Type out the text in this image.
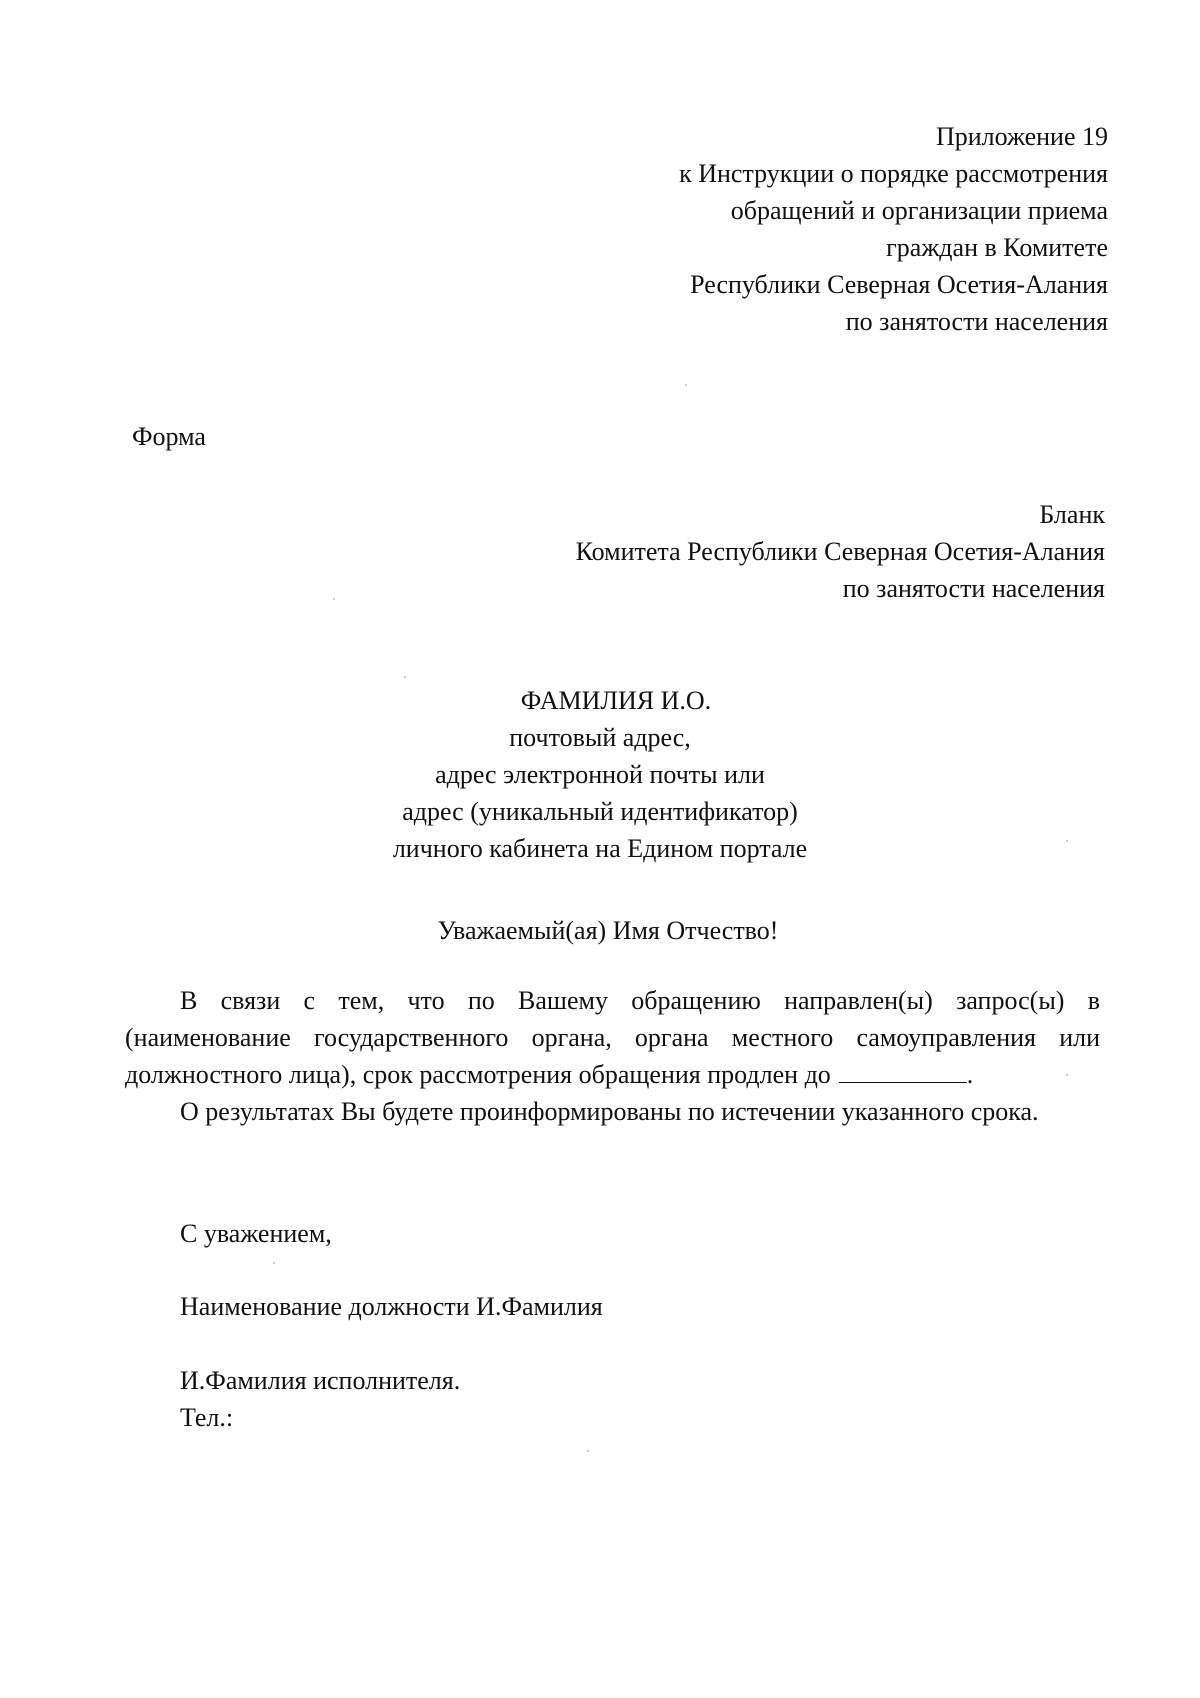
Приложение 19
к Инструкции о порядке рассмотрения
обращений и организации приема
граждан в Комитете
Республики Северная Осетия-Алания
по занятости населения
Форма
Бланк
Комитета Республики Северная Осетия-Алания
по занятости населения
ФАМИЛИЯ И.О.
почтовый адрес,
адрес электронной почты или
адрес (уникальный идентификатор)
личного кабинета на Едином портале
Уважаемый(ая) Имя Отчество!

В связи с тем, что по Вашему обращению направлен(ы) запрос(ы) в (наименование государственного органа, органа местного самоуправления или должностного лица), срок рассмотрения обращения продлен до	.

О результатах Вы будете проинформированы по истечении указанного срока.

С уважением,
Наименование должности И.Фамилия
И.Фамилия исполнителя.
Тел.:
